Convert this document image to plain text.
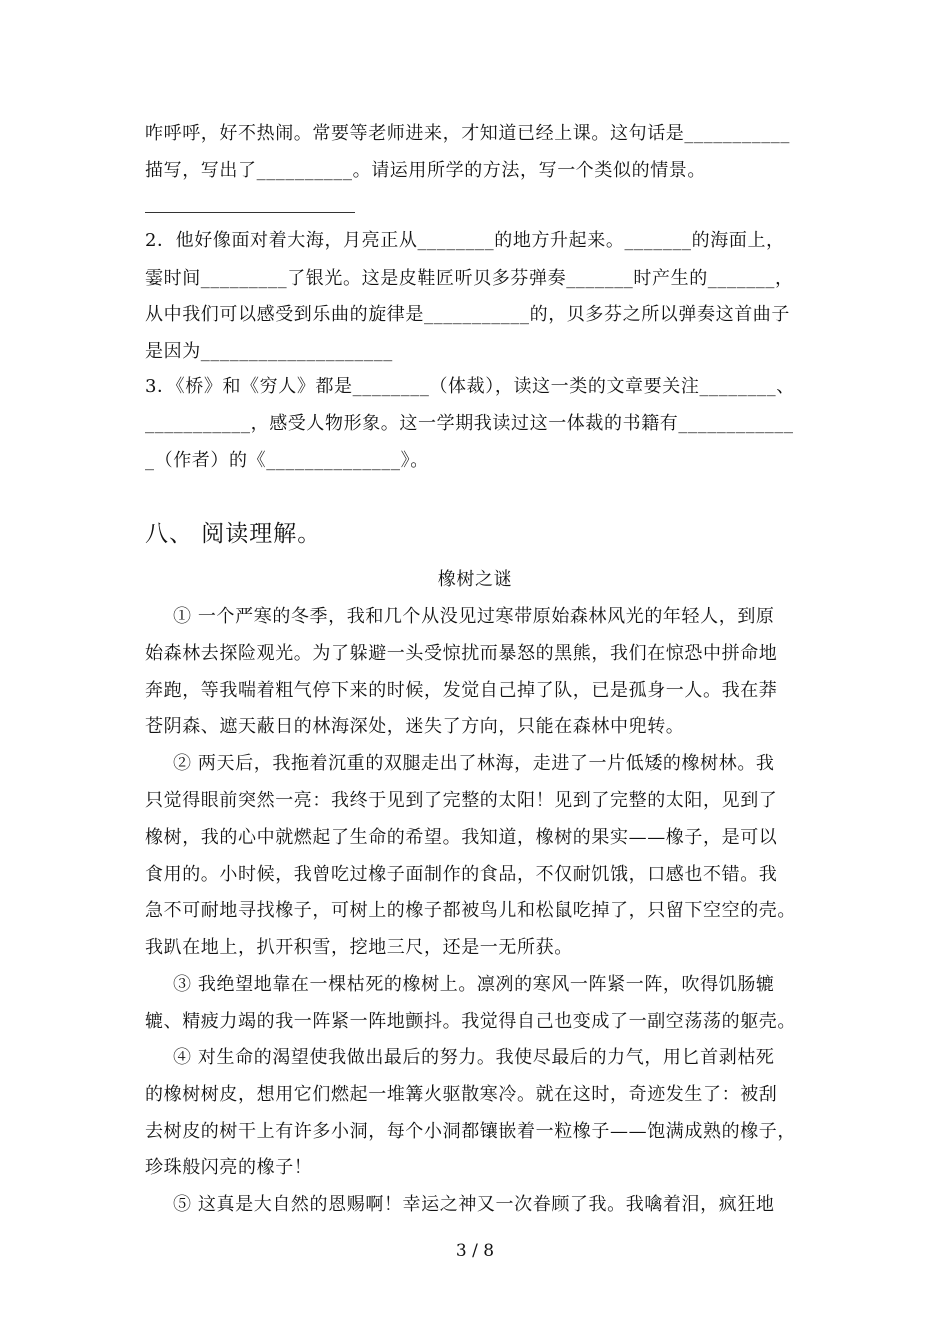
咋呼呼，好不热闹。常要等老师进来，才知道已经上课。这句话是___________
描写，写出了__________。请运用所学的方法，写一个类似的情景。
2．他好像面对着大海，月亮正从________的地方升起来。_______的海面上，
霎时间_________了银光。这是皮鞋匠听贝多芬弹奏_______时产生的_______，
从中我们可以感受到乐曲的旋律是___________的，贝多芬之所以弹奏这首曲子
是因为____________________
3．《桥》和《穷人》都是________（体裁），读这一类的文章要关注________、
___________，感受人物形象。这一学期我读过这一体裁的书籍有____________
_（作者）的《______________》。
八、 阅读理解。
橡树之谜
① 一个严寒的冬季，我和几个从没见过寒带原始森林风光的年轻人，到原
始森林去探险观光。为了躲避一头受惊扰而暴怒的黑熊，我们在惊恐中拼命地
奔跑，等我喘着粗气停下来的时候，发觉自己掉了队，已是孤身一人。我在莽
苍阴森、遮天蔽日的林海深处，迷失了方向，只能在森林中兜转。
② 两天后，我拖着沉重的双腿走出了林海，走进了一片低矮的橡树林。我
只觉得眼前突然一亮：我终于见到了完整的太阳！见到了完整的太阳，见到了
橡树，我的心中就燃起了生命的希望。我知道，橡树的果实——橡子，是可以
食用的。小时候，我曾吃过橡子面制作的食品，不仅耐饥饿，口感也不错。我
急不可耐地寻找橡子，可树上的橡子都被鸟儿和松鼠吃掉了，只留下空空的壳。
我趴在地上，扒开积雪，挖地三尺，还是一无所获。
③ 我绝望地靠在一棵枯死的橡树上。凛冽的寒风一阵紧一阵，吹得饥肠辘
辘、精疲力竭的我一阵紧一阵地颤抖。我觉得自己也变成了一副空荡荡的躯壳。
④ 对生命的渴望使我做出最后的努力。我使尽最后的力气，用匕首剥枯死
的橡树树皮，想用它们燃起一堆篝火驱散寒冷。就在这时，奇迹发生了：被刮
去树皮的树干上有许多小洞，每个小洞都镶嵌着一粒橡子——饱满成熟的橡子，
珍珠般闪亮的橡子！
⑤ 这真是大自然的恩赐啊！幸运之神又一次眷顾了我。我噙着泪，疯狂地
3 / 8
